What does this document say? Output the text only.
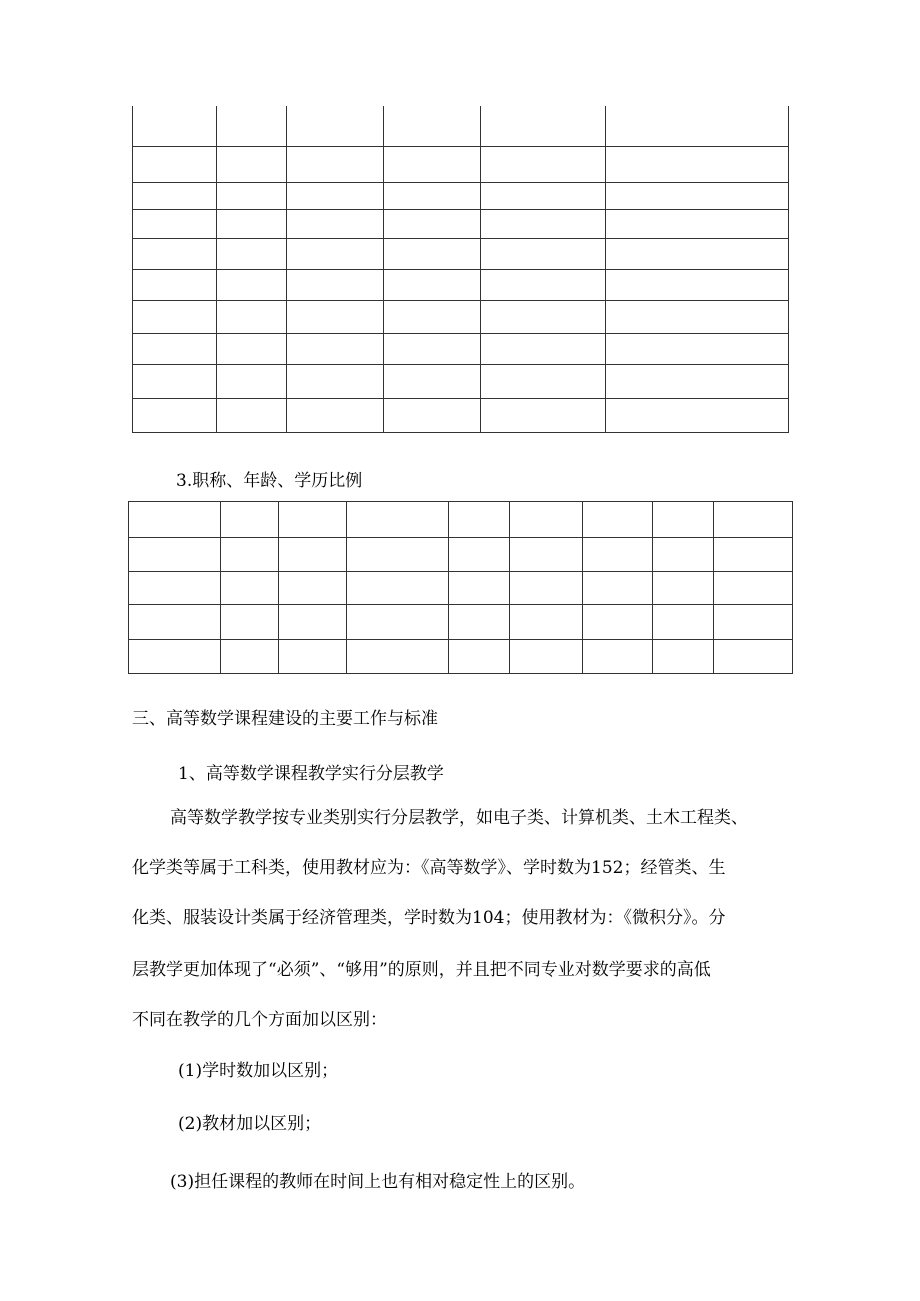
3.职称、年龄、学历比例

三、高等数学课程建设的主要工作与标准
1、高等数学课程教学实行分层教学
高等数学教学按专业类别实行分层教学，如电子类、计算机类、土木工程类、
化学类等属于工科类，使用教材应为：《高等数学》、学时数为152；经管类、生
化类、服装设计类属于经济管理类，学时数为104；使用教材为：《微积分》。分
层教学更加体现了“必须”、“够用”的原则，并且把不同专业对数学要求的高低
不同在教学的几个方面加以区别：
(1)学时数加以区别；
(2)教材加以区别；
(3)担任课程的教师在时间上也有相对稳定性上的区别。
